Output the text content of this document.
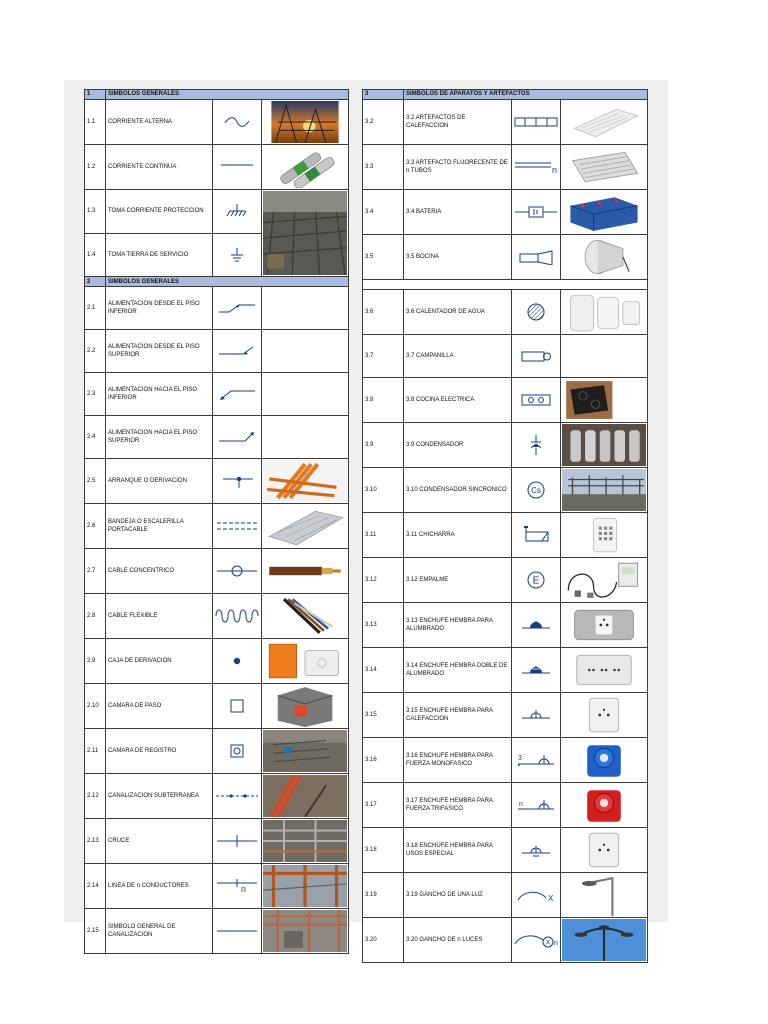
1	SIMBOLOS GENERALES		
1.1	CORRIENTE ALTERNA	

1.2	CORRIENTE CONTINUA	

1.3	TOMA CORRIENTE PROTECCION	

1.4	TOMA TIERRA DE SERVICIO	

2	SIMBOLOS GENERALES		
2.1	ALIMENTACION DESDE EL PISO INFERIOR	

2.2	ALIMENTACION DESDE EL PISO SUPERIOR	

2.3	ALIMENTACION HACIA EL PISO INFERIOR	

2.4	ALIMENTACION HACIA EL PISO SUPERIOR	

2.5	ARRANQUE O DERIVACION	

2.6	BANDEJA O ESCALERILLA PORTACABLE	

2.7	CABLE CONCENTRICO	

2.8	CABLE FLEXIBLE	

2.9	CAJA DE DERIVACION	

2.10	CAMARA DE PASO	

2.11	CAMARA DE REGISTRO	

2.12	CANALIZACION SUBTERRANEA	

2.13	CRUCE	

2.14	LINEA DE n CONDUCTORES	n

2.15	SIMBOLO GENERAL DE CANALIZACION	

3	SIMBOLOS DE APARATOS Y ARTEFACTOS		
3.2	3.2 ARTEFACTOS DE CALEFACCION	

3.3	3.3 ARTEFACTO FLUORECENTE DE n TUBOS	n

3.4	3.4 BATERIA	

3.5	3.5 BOCINA	

3.6	3.6 CALENTADOR DE AGUA	

3.7	3.7 CAMPANILLA	

3.8	3.8 COCINA ELECTRICA	

3.9	3.9 CONDENSADOR	

3.10	3.10 CONDENSADOR SINCRONICO	Cs

3.11	3.11 CHICHARRA	

3.12	3.12 EMPALME	E

3.13	3.13 ENCHUFE HEMBRA PARA ALUMBRADO	

3.14	3.14 ENCHUFE HEMBRA DOBLE DE ALUMBRADO	

3.15	3.15 ENCHUFE HEMBRA PARA CALEFACCION	

3.16	3.16 ENCHUFE HEMBRA PARA FUERZA MONOFASICO	3

3.17	3.17 ENCHUFE HEMBRA PARA FUERZA TRIFASICO	n

3.18	3.18 ENCHUFE HEMBRA PARA USOS ESPECIAL	

3.19	3.19 GANCHO DE UNA LUZ	X

3.20	3.20 GANCHO DE n LUCES	X n
